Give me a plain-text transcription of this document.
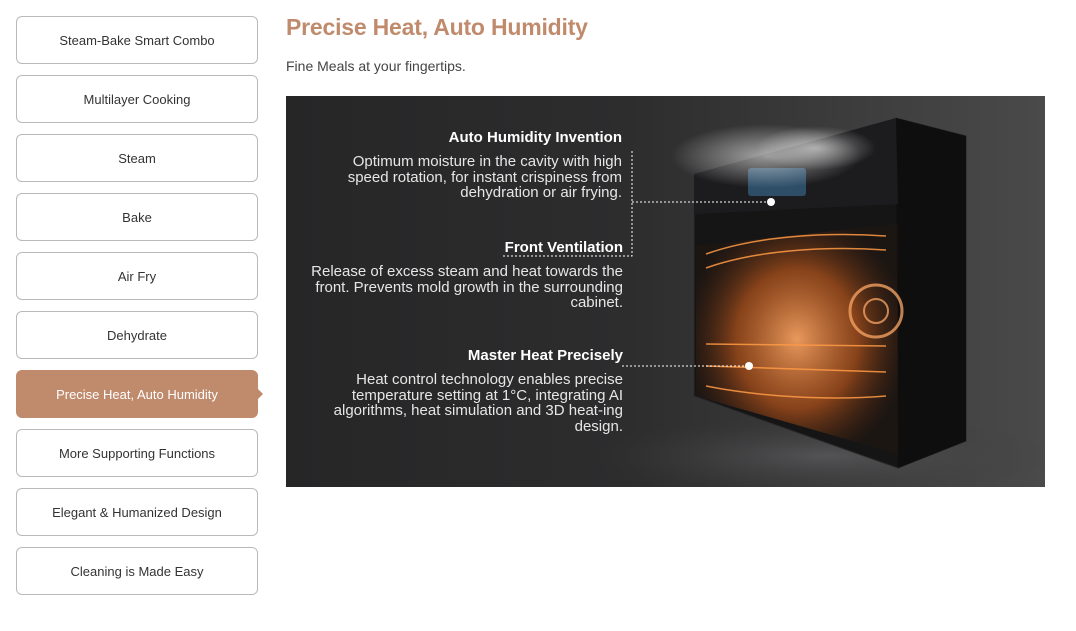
Steam-Bake Smart Combo
Multilayer Cooking
Steam
Bake
Air Fry
Dehydrate
Precise Heat, Auto Humidity
More Supporting Functions
Elegant & Humanized Design
Cleaning is Made Easy
Precise Heat, Auto Humidity
Fine Meals at your fingertips.
Auto Humidity Invention
Optimum moisture in the cavity with high speed rotation, for instant crispiness from dehydration or air frying.
Front Ventilation
Release of excess steam and heat towards the front. Prevents mold growth in the surrounding cabinet.
Master Heat Precisely
Heat control technology enables precise temperature setting at 1°C, integrating AI algorithms, heat simulation and 3D heat-ing design.
